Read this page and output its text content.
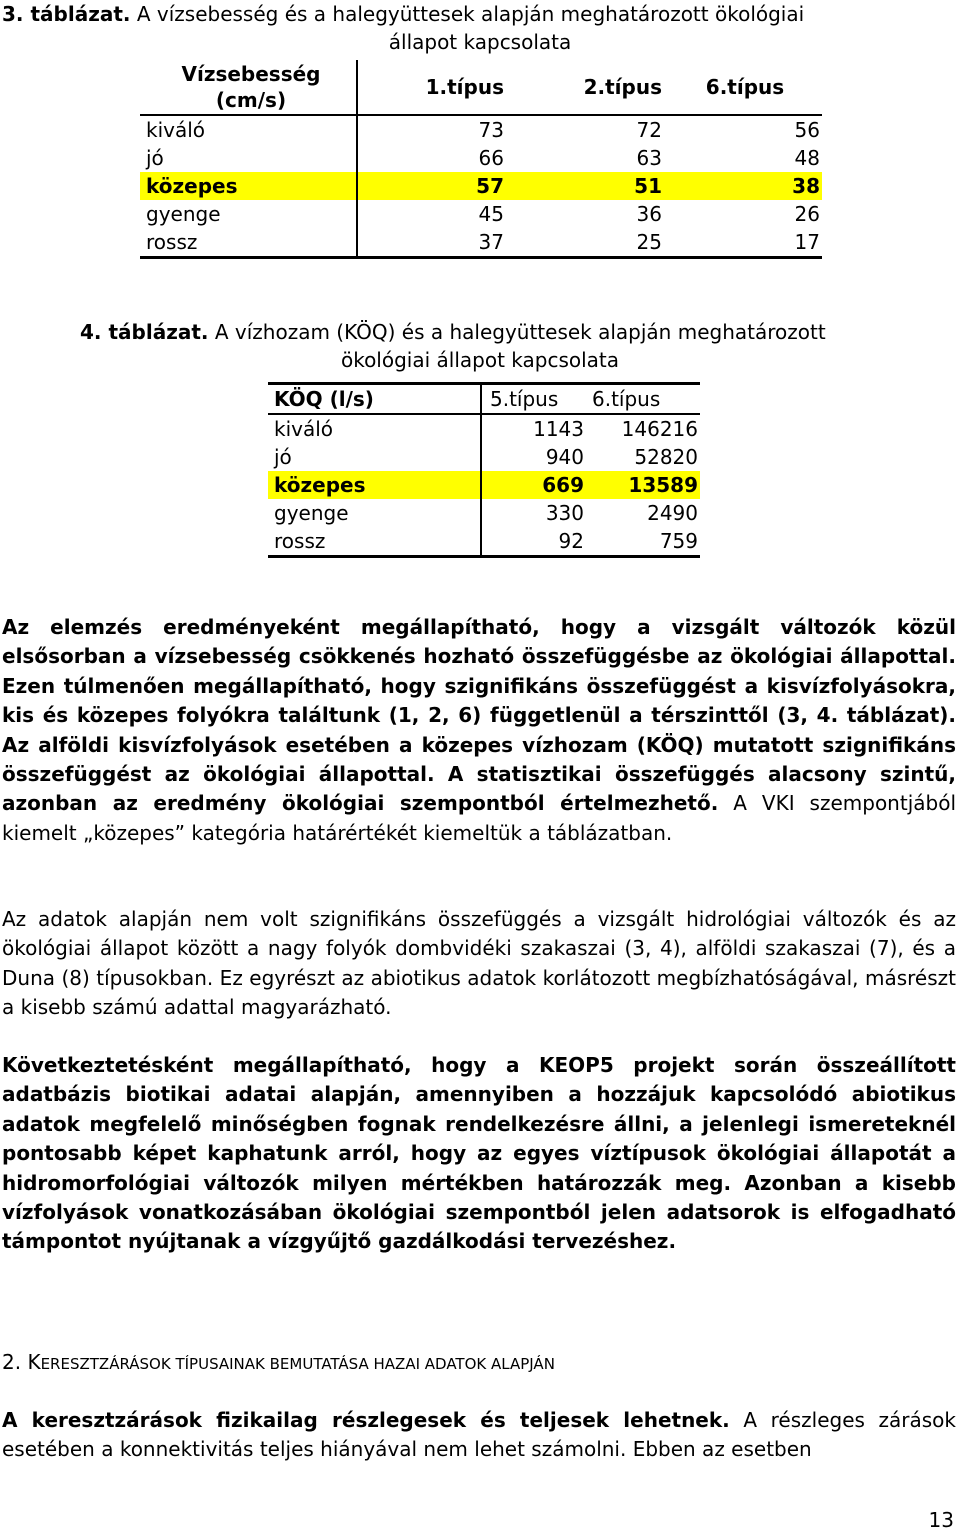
3. táblázat. A vízsebesség és a halegyüttesek alapján meghatározott ökológiai
állapot kapcsolata
Vízsebesség
(cm/s)	1.típus	2.típus	6.típus
kiváló	73	72	56
jó	66	63	48
közepes	57	51	38
gyenge	45	36	26
rossz	37	25	17
4. táblázat. A vízhozam (KÖQ) és a halegyüttesek alapján meghatározott
ökológiai állapot kapcsolata
KÖQ (l/s)	5.típus	6.típus
kiváló	1143	146216
jó	940	52820
közepes	669	13589
gyenge	330	2490
rossz	92	759
Az elemzés eredményeként megállapítható, hogy a vizsgált változók közül elsősorban a vízsebesség csökkenés hozható összefüggésbe az ökológiai állapottal. Ezen túlmenően megállapítható, hogy szignifikáns összefüggést a kisvízfolyásokra, kis és közepes folyókra találtunk (1, 2, 6) függetlenül a térszinttől (3, 4. táblázat). Az alföldi kisvízfolyások esetében a közepes vízhozam (KÖQ) mutatott szignifikáns összefüggést az ökológiai állapottal. A statisztikai összefüggés alacsony szintű, azonban az eredmény ökológiai szempontból értelmezhető. A VKI szempontjából kiemelt „közepes” kategória határértékét kiemeltük a táblázatban.
Az adatok alapján nem volt szignifikáns összefüggés a vizsgált hidrológiai változók és az ökológiai állapot között a nagy folyók dombvidéki szakaszai (3, 4), alföldi szakaszai (7), és a Duna (8) típusokban. Ez egyrészt az abiotikus adatok korlátozott megbízhatóságával, másrészt a kisebb számú adattal magyarázható.
Következtetésként megállapítható, hogy a KEOP5 projekt során összeállított adatbázis biotikai adatai alapján, amennyiben a hozzájuk kapcsolódó abiotikus adatok megfelelő minőségben fognak rendelkezésre állni, a jelenlegi ismereteknél pontosabb képet kaphatunk arról, hogy az egyes víztípusok ökológiai állapotát a hidromorfológiai változók milyen mértékben határozzák meg. Azonban a kisebb vízfolyások vonatkozásában ökológiai szempontból jelen adatsorok is elfogadható támpontot nyújtanak a vízgyűjtő gazdálkodási tervezéshez.
2. KERESZTZÁRÁSOK TÍPUSAINAK BEMUTATÁSA HAZAI ADATOK ALAPJÁN
A keresztzárások fizikailag részlegesek és teljesek lehetnek. A részleges zárások esetében a konnektivitás teljes hiányával nem lehet számolni. Ebben az esetben
13
